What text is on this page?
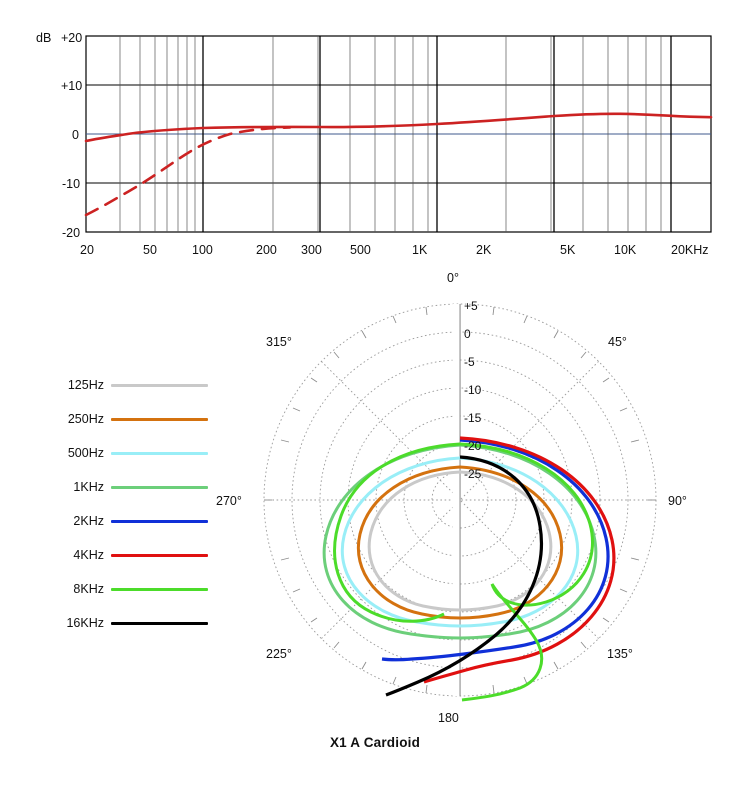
dB +20
+10
0
-10
-20
20	50	100	200 300 500	1K	2K	5K	10K	20KHz
+5
0
-5
-10
-15
-20
-25
0°
45°
90°
135°
180
225°
270°
315°
125Hz
250Hz
500Hz
1KHz
2KHz
4KHz
8KHz
16KHz
X1 A Cardioid
